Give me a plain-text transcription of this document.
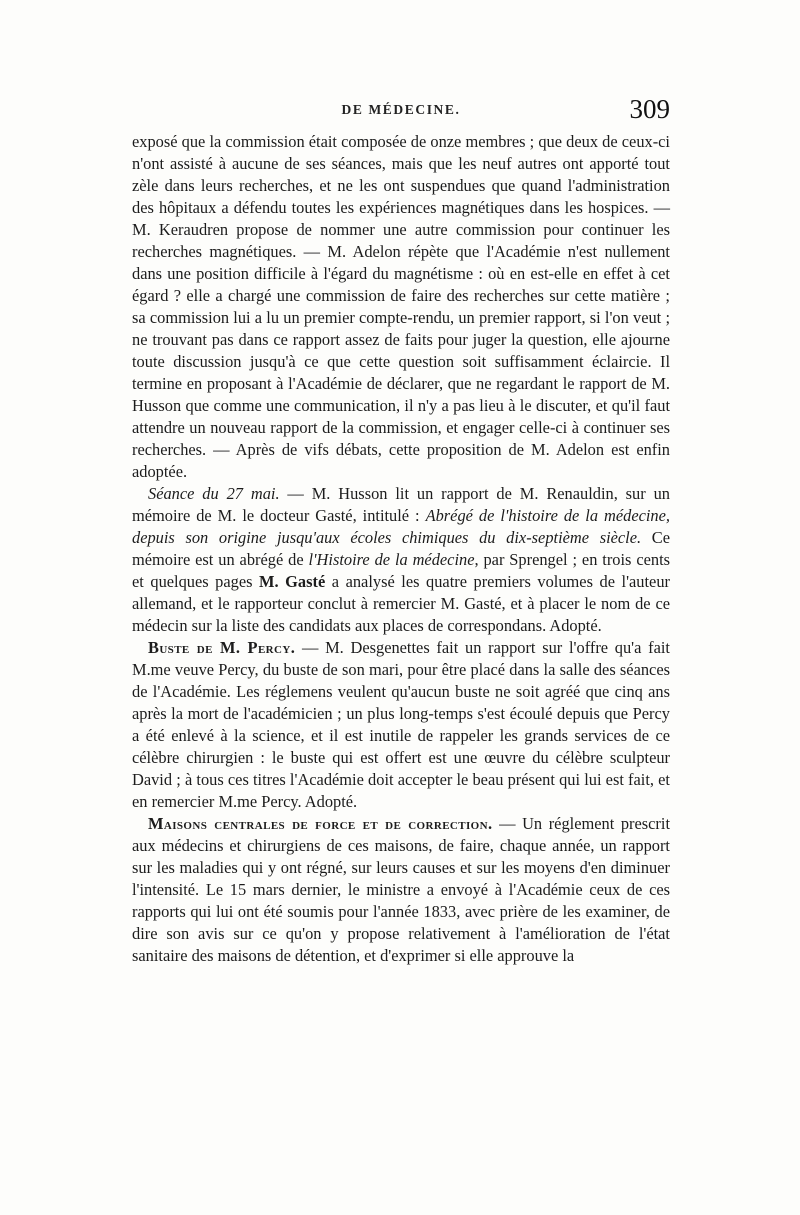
DE MÉDECINE.	309

exposé que la commission était composée de onze membres ; que deux de ceux-ci n'ont assisté à aucune de ses séances, mais que les neuf autres ont apporté tout zèle dans leurs recherches, et ne les ont suspendues que quand l'administration des hôpitaux a défendu toutes les expériences magnétiques dans les hospices. — M. Keraudren propose de nommer une autre commission pour continuer les recherches magnétiques. — M. Adelon répète que l'Académie n'est nullement dans une position difficile à l'égard du magnétisme : où en est-elle en effet à cet égard ? elle a chargé une commission de faire des recherches sur cette matière ; sa commission lui a lu un premier compte-rendu, un premier rapport, si l'on veut ; ne trouvant pas dans ce rapport assez de faits pour juger la question, elle ajourne toute discussion jusqu'à ce que cette question soit suffisamment éclaircie. Il termine en proposant à l'Académie de déclarer, que ne regardant le rapport de M. Husson que comme une communication, il n'y a pas lieu à le discuter, et qu'il faut attendre un nouveau rapport de la commission, et engager celle-ci à continuer ses recherches. — Après de vifs débats, cette proposition de M. Adelon est enfin adoptée.

Séance du 27 mai. — M. Husson lit un rapport de M. Renauldin, sur un mémoire de M. le docteur Gasté, intitulé : Abrégé de l'histoire de la médecine, depuis son origine jusqu'aux écoles chimiques du dix-septième siècle. Ce mémoire est un abrégé de l'Histoire de la médecine, par Sprengel ; en trois cents et quelques pages M. Gasté a analysé les quatre premiers volumes de l'auteur allemand, et le rapporteur conclut à remercier M. Gasté, et à placer le nom de ce médecin sur la liste des candidats aux places de correspondans. Adopté.

Buste de M. Percy. — M. Desgenettes fait un rapport sur l'offre qu'a fait M.me veuve Percy, du buste de son mari, pour être placé dans la salle des séances de l'Académie. Les réglemens veulent qu'aucun buste ne soit agréé que cinq ans après la mort de l'académicien ; un plus long-temps s'est écoulé depuis que Percy a été enlevé à la science, et il est inutile de rappeler les grands services de ce célèbre chirurgien : le buste qui est offert est une œuvre du célèbre sculpteur David ; à tous ces titres l'Académie doit accepter le beau présent qui lui est fait, et en remercier M.me Percy. Adopté.

Maisons centrales de force et de correction. — Un réglement prescrit aux médecins et chirurgiens de ces maisons, de faire, chaque année, un rapport sur les maladies qui y ont régné, sur leurs causes et sur les moyens d'en diminuer l'intensité. Le 15 mars dernier, le ministre a envoyé à l'Académie ceux de ces rapports qui lui ont été soumis pour l'année 1833, avec prière de les examiner, de dire son avis sur ce qu'on y propose relativement à l'amélioration de l'état sanitaire des maisons de détention, et d'exprimer si elle approuve la
